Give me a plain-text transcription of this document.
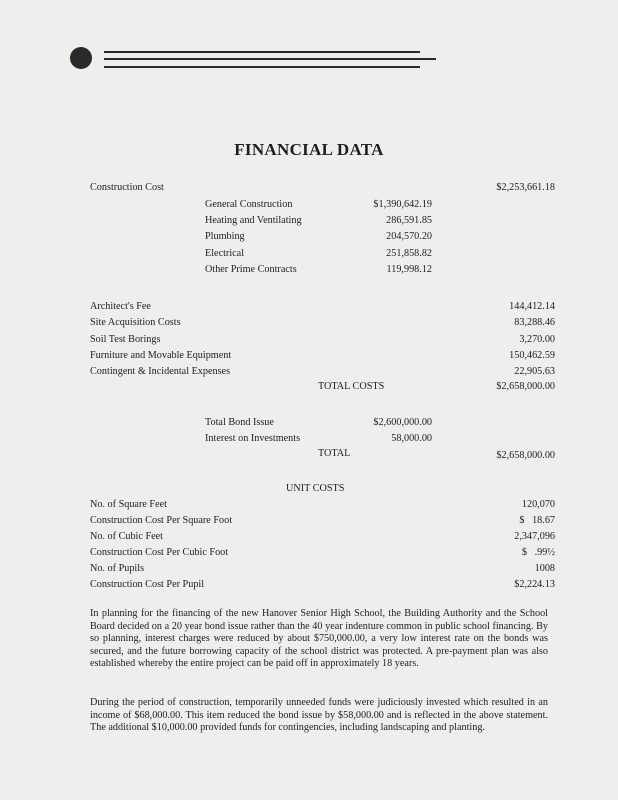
FINANCIAL DATA
Construction Cost	$2,253,661.18
General Construction	$1,390,642.19
Heating and Ventilating	286,591.85
Plumbing	204,570.20
Electrical	251,858.82
Other Prime Contracts	119,998.12
Architect's Fee	144,412.14
Site Acquisition Costs	83,288.46
Soil Test Borings	3,270.00
Furniture and Movable Equipment	150,462.59
Contingent & Incidental Expenses	22,905.63
TOTAL COSTS	$2,658,000.00
Total Bond Issue	$2,600,000.00
Interest on Investments	58,000.00
TOTAL	$2,658,000.00
UNIT COSTS
No. of Square Feet	120,070
Construction Cost Per Square Foot	$   18.67
No. of Cubic Feet	2,347,096
Construction Cost Per Cubic Foot	$   .99½
No. of Pupils	1008
Construction Cost Per Pupil	$2,224.13
In planning for the financing of the new Hanover Senior High School, the Building Authority and the School Board decided on a 20 year bond issue rather than the 40 year indenture common in public school financing. By so planning, interest charges were reduced by about $750,000.00, a very low interest rate on the bonds was secured, and the future borrowing capacity of the school district was protected. A pre-payment plan was also established whereby the entire project can be paid off in approximately 18 years.
During the period of construction, temporarily unneeded funds were judiciously invested which resulted in an income of $68,000.00. This item reduced the bond issue by $58,000.00 and is reflected in the above statement. The additional $10,000.00 provided funds for contingencies, including landscaping and planting.
